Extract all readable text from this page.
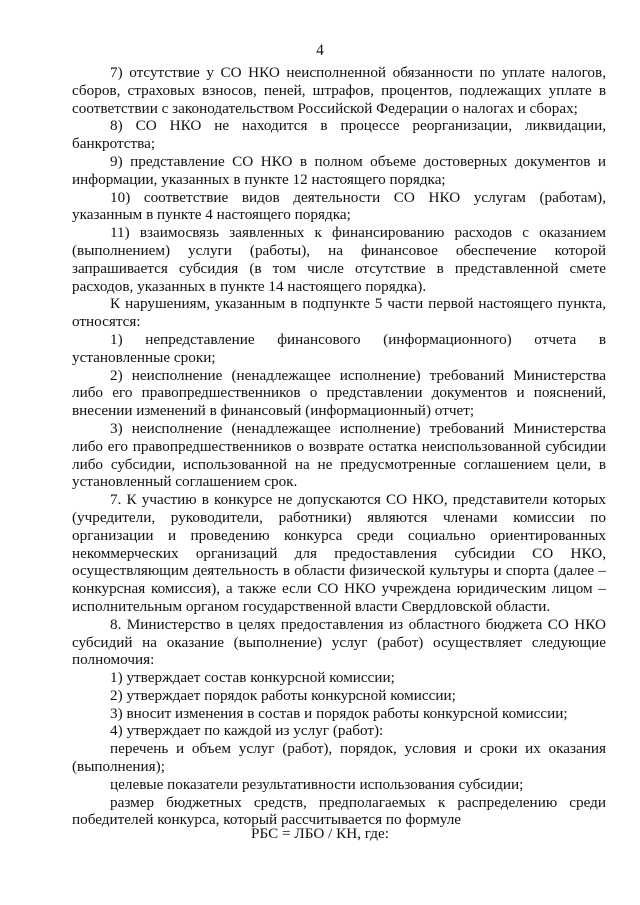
4

7) отсутствие у СО НКО неисполненной обязанности по уплате налогов, сборов, страховых взносов, пеней, штрафов, процентов, подлежащих уплате в соответствии с законодательством Российской Федерации о налогах и сборах;

8) СО НКО не находится в процессе реорганизации, ликвидации, банкротства;

9) представление СО НКО в полном объеме достоверных документов и информации, указанных в пункте 12 настоящего порядка;

10) соответствие видов деятельности СО НКО услугам (работам), указанным в пункте 4 настоящего порядка;

11) взаимосвязь заявленных к финансированию расходов с оказанием (выполнением) услуги (работы), на финансовое обеспечение которой запрашивается субсидия (в том числе отсутствие в представленной смете расходов, указанных в пункте 14 настоящего порядка).

К нарушениям, указанным в подпункте 5 части первой настоящего пункта, относятся:

1) непредставление финансового (информационного) отчета в установленные сроки;

2) неисполнение (ненадлежащее исполнение) требований Министерства либо его правопредшественников о представлении документов и пояснений, внесении изменений в финансовый (информационный) отчет;

3) неисполнение (ненадлежащее исполнение) требований Министерства либо его правопредшественников о возврате остатка неиспользованной субсидии либо субсидии, использованной на не предусмотренные соглашением цели, в установленный соглашением срок.

7. К участию в конкурсе не допускаются СО НКО, представители которых (учредители, руководители, работники) являются членами комиссии по организации и проведению конкурса среди социально ориентированных некоммерческих организаций для предоставления субсидии СО НКО, осуществляющим деятельность в области физической культуры и спорта (далее – конкурсная комиссия), а также если СО НКО учреждена юридическим лицом – исполнительным органом государственной власти Свердловской области.

8. Министерство в целях предоставления из областного бюджета СО НКО субсидий на оказание (выполнение) услуг (работ) осуществляет следующие полномочия:

1) утверждает состав конкурсной комиссии;

2) утверждает порядок работы конкурсной комиссии;

3) вносит изменения в состав и порядок работы конкурсной комиссии;

4) утверждает по каждой из услуг (работ):

перечень и объем услуг (работ), порядок, условия и сроки их оказания (выполнения);

целевые показатели результативности использования субсидии;

размер бюджетных средств, предполагаемых к распределению среди победителей конкурса, который рассчитывается по формуле

РБС = ЛБО / КН, где:
